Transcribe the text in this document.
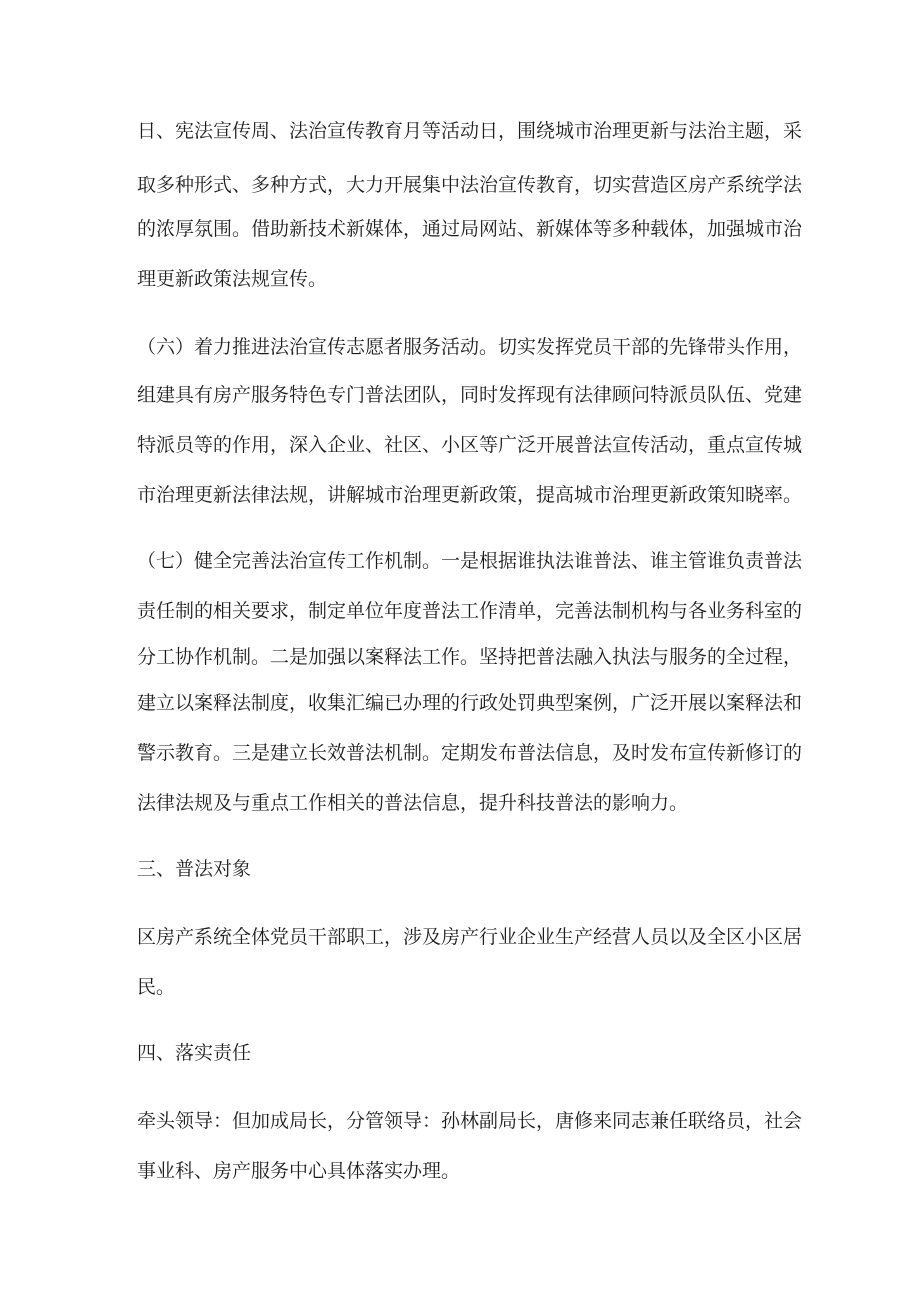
日、宪法宣传周、法治宣传教育月等活动日，围绕城市治理更新与法治主题，采

取多种形式、多种方式，大力开展集中法治宣传教育，切实营造区房产系统学法

的浓厚氛围。借助新技术新媒体，通过局网站、新媒体等多种载体，加强城市治

理更新政策法规宣传。

（六）着力推进法治宣传志愿者服务活动。切实发挥党员干部的先锋带头作用，

组建具有房产服务特色专门普法团队，同时发挥现有法律顾问特派员队伍、党建

特派员等的作用，深入企业、社区、小区等广泛开展普法宣传活动，重点宣传城

市治理更新法律法规，讲解城市治理更新政策，提高城市治理更新政策知晓率。

（七）健全完善法治宣传工作机制。一是根据谁执法谁普法、谁主管谁负责普法

责任制的相关要求，制定单位年度普法工作清单，完善法制机构与各业务科室的

分工协作机制。二是加强以案释法工作。坚持把普法融入执法与服务的全过程，

建立以案释法制度，收集汇编已办理的行政处罚典型案例，广泛开展以案释法和

警示教育。三是建立长效普法机制。定期发布普法信息，及时发布宣传新修订的

法律法规及与重点工作相关的普法信息，提升科技普法的影响力。

三、普法对象

区房产系统全体党员干部职工，涉及房产行业企业生产经营人员以及全区小区居

民。

四、落实责任

牵头领导：但加成局长，分管领导：孙林副局长，唐修来同志兼任联络员，社会

事业科、房产服务中心具体落实办理。
